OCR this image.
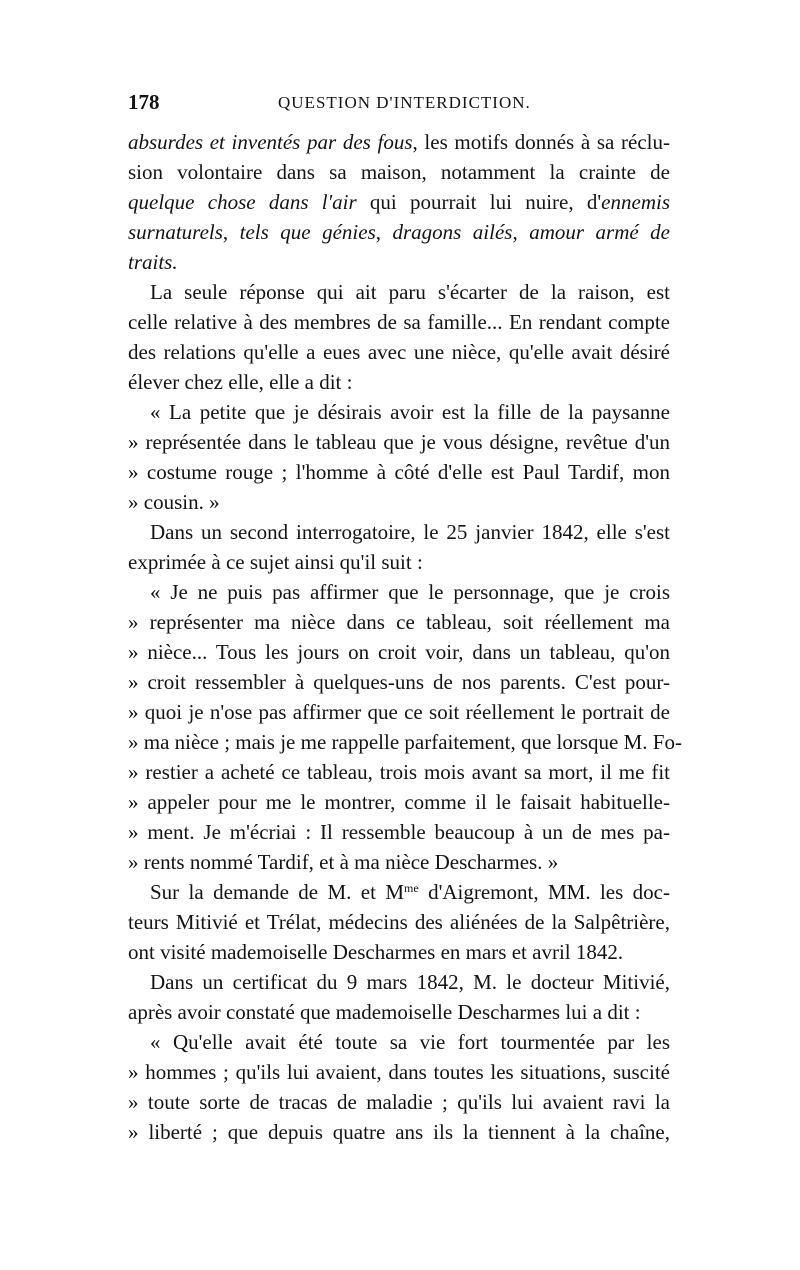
178	QUESTION D'INTERDICTION.
absurdes et inventés par des fous, les motifs donnés à sa réclu-
sion volontaire dans sa maison, notamment la crainte de
quelque chose dans l'air qui pourrait lui nuire, d'ennemis
surnaturels, tels que génies, dragons ailés, amour armé de
traits.
La seule réponse qui ait paru s'écarter de la raison, est
celle relative à des membres de sa famille... En rendant compte
des relations qu'elle a eues avec une nièce, qu'elle avait désiré
élever chez elle, elle a dit :
« La petite que je désirais avoir est la fille de la paysanne
» représentée dans le tableau que je vous désigne, revêtue d'un
» costume rouge ; l'homme à côté d'elle est Paul Tardif, mon
» cousin. »
Dans un second interrogatoire, le 25 janvier 1842, elle s'est
exprimée à ce sujet ainsi qu'il suit :
« Je ne puis pas affirmer que le personnage, que je crois
» représenter ma nièce dans ce tableau, soit réellement ma
» nièce... Tous les jours on croit voir, dans un tableau, qu'on
» croit ressembler à quelques-uns de nos parents. C'est pour-
» quoi je n'ose pas affirmer que ce soit réellement le portrait de
» ma nièce ; mais je me rappelle parfaitement, que lorsque M. Fo-
» restier a acheté ce tableau, trois mois avant sa mort, il me fit
» appeler pour me le montrer, comme il le faisait habituelle-
» ment. Je m'écriai : Il ressemble beaucoup à un de mes pa-
» rents nommé Tardif, et à ma nièce Descharmes. »
Sur la demande de M. et $M^{me}$ d'Aigremont, MM. les doc-
teurs Mitivié et Trélat, médecins des aliénées de la Salpêtrière,
ont visité mademoiselle Descharmes en mars et avril 1842.
Dans un certificat du 9 mars 1842, M. le docteur Mitivié,
après avoir constaté que mademoiselle Descharmes lui a dit :
« Qu'elle avait été toute sa vie fort tourmentée par les
» hommes ; qu'ils lui avaient, dans toutes les situations, suscité
» toute sorte de tracas de maladie ; qu'ils lui avaient ravi la
» liberté ; que depuis quatre ans ils la tiennent à la chaîne,
